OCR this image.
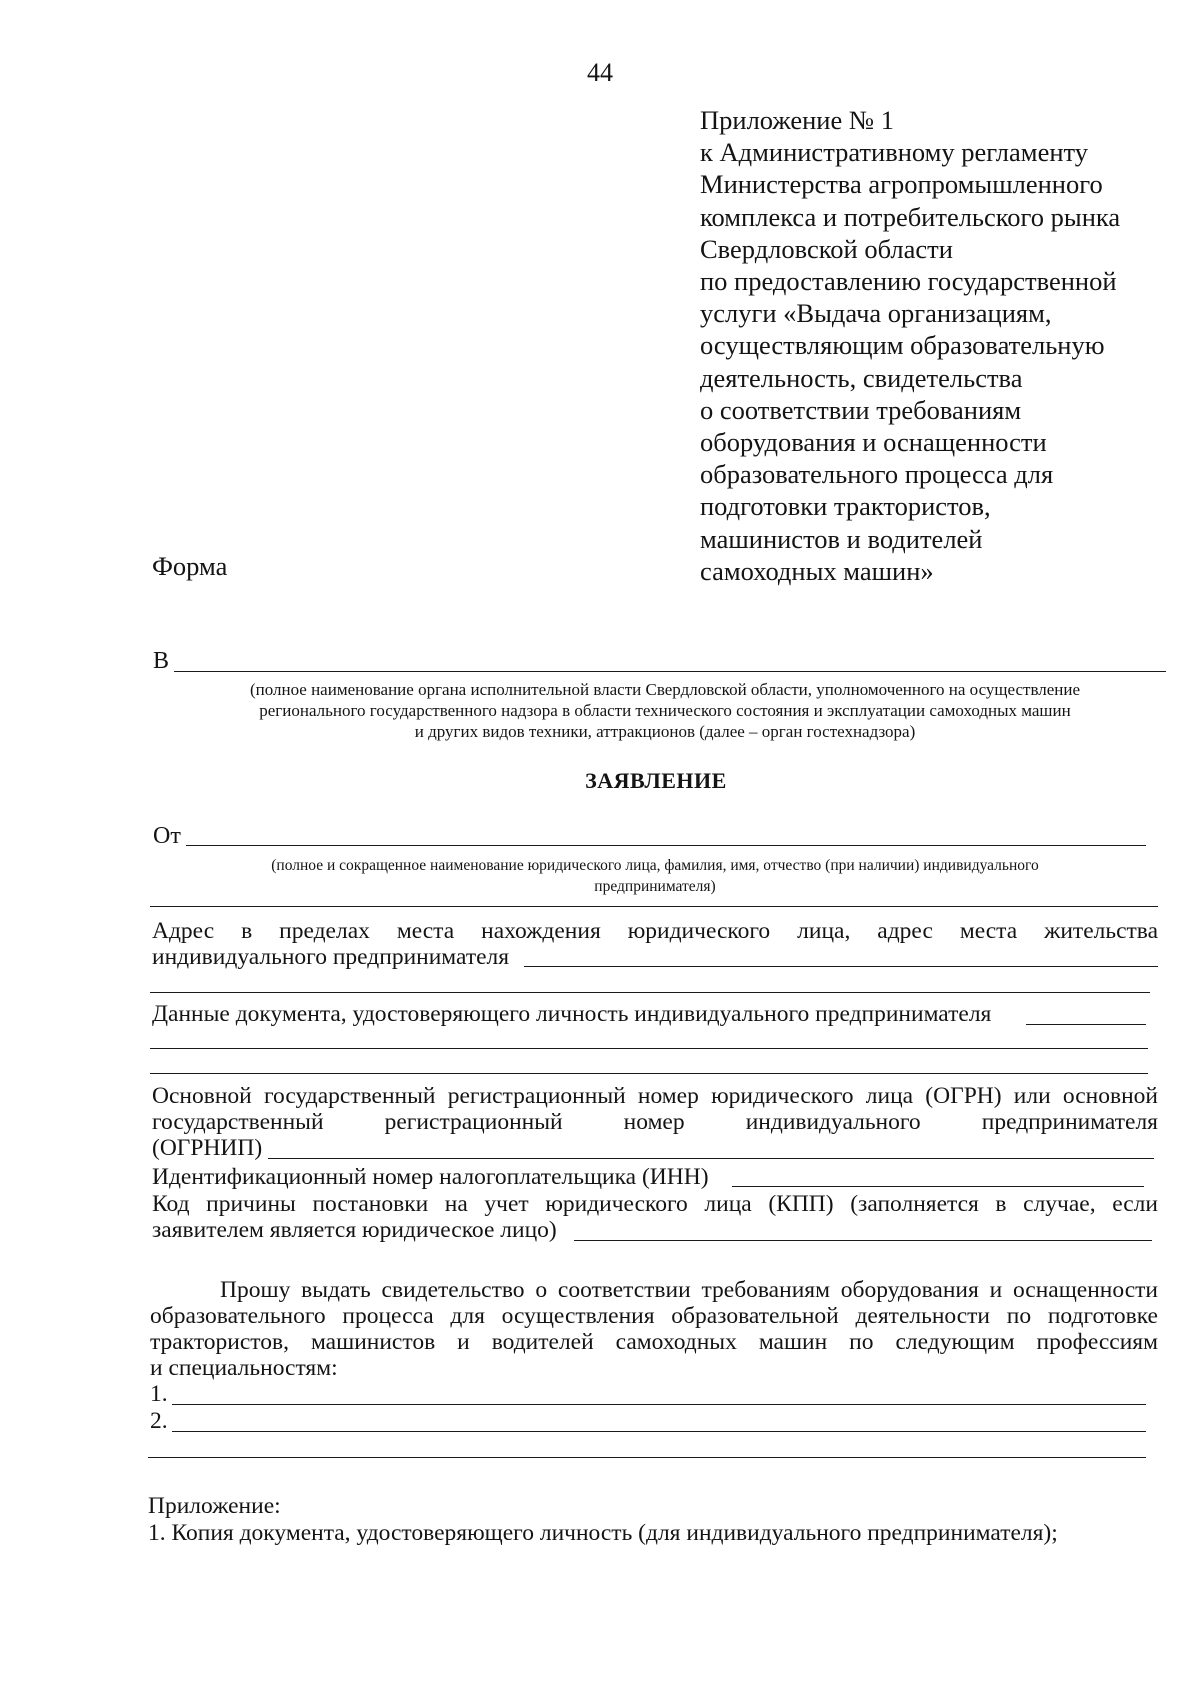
44
Приложение № 1
к Административному регламенту
Министерства агропромышленного
комплекса и потребительского рынка
Свердловской области
по предоставлению государственной
услуги «Выдача организациям,
осуществляющим образовательную
деятельность, свидетельства
о соответствии требованиям
оборудования и оснащенности
образовательного процесса для
подготовки трактористов,
машинистов и водителей
самоходных машин»
Форма
В
(полное наименование органа исполнительной власти Свердловской области, уполномоченного на осуществление
регионального государственного надзора в области технического состояния и эксплуатации самоходных машин
и других видов техники, аттракционов (далее – орган гостехнадзора)
ЗАЯВЛЕНИЕ
От
(полное и сокращенное наименование юридического лица, фамилия, имя, отчество (при наличии) индивидуального
предпринимателя)
Адрес в пределах места нахождения юридического лица, адрес места жительства
индивидуального предпринимателя
Данные документа, удостоверяющего личность индивидуального предпринимателя
Основной государственный регистрационный номер юридического лица (ОГРН) или основной
государственный регистрационный номер индивидуального предпринимателя
(ОГРНИП)
Идентификационный номер налогоплательщика (ИНН)
Код причины постановки на учет юридического лица (КПП) (заполняется в случае, если
заявителем является юридическое лицо)
Прошу выдать свидетельство о соответствии требованиям оборудования и оснащенности
образовательного процесса для осуществления образовательной деятельности по подготовке
трактористов, машинистов и водителей самоходных машин по следующим профессиям
и специальностям:
1.
2.
Приложение:
1. Копия документа, удостоверяющего личность (для индивидуального предпринимателя);
